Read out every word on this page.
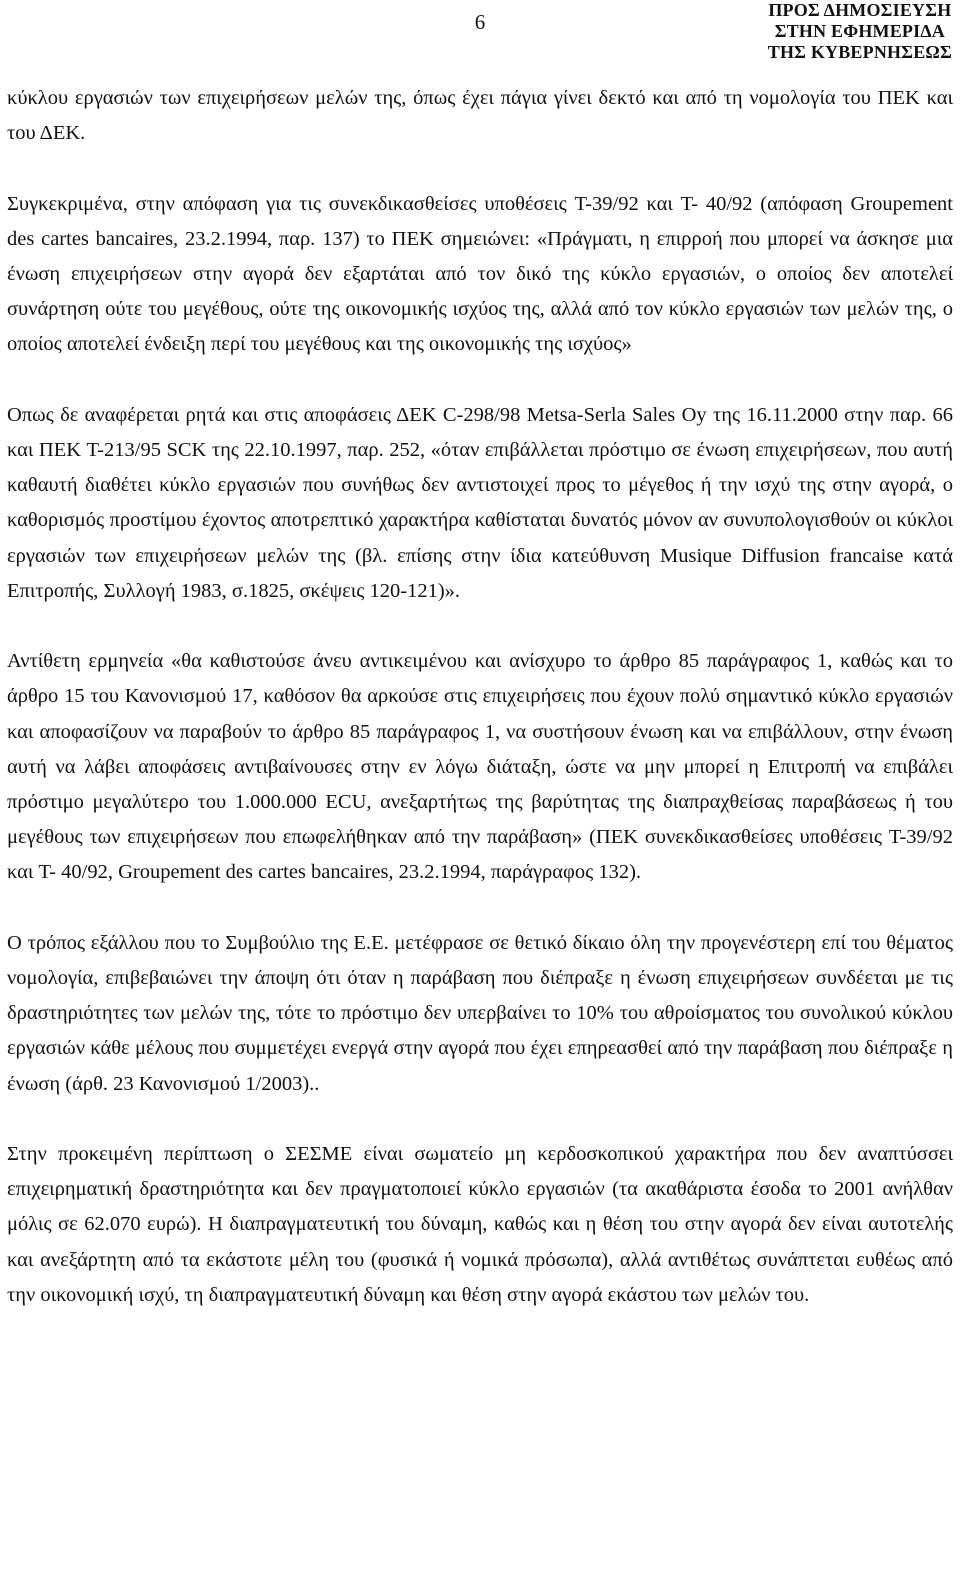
6	ΠΡΟΣ ΔΗΜΟΣΙΕΥΣΗ
ΣΤΗΝ ΕΦΗΜΕΡΙΔΑ
ΤΗΣ ΚΥΒΕΡΝΗΣΕΩΣ

κύκλου εργασιών των επιχειρήσεων μελών της, όπως έχει πάγια γίνει δεκτό και από τη νομολογία του ΠΕΚ και του ΔΕΚ.

Συγκεκριμένα, στην απόφαση για τις συνεκδικασθείσες υποθέσεις T-39/92 και T- 40/92 (απόφαση Groupement des cartes bancaires, 23.2.1994, παρ. 137) το ΠΕΚ σημειώνει: «Πράγματι, η επιρροή που μπορεί να άσκησε μια ένωση επιχειρήσεων στην αγορά δεν εξαρτάται από τον δικό της κύκλο εργασιών, ο οποίος δεν αποτελεί συνάρτηση ούτε του μεγέθους, ούτε της οικονομικής ισχύος της, αλλά από τον κύκλο εργασιών των μελών της, ο οποίος αποτελεί ένδειξη περί του μεγέθους και της οικονομικής της ισχύος»

Οπως δε αναφέρεται ρητά και στις αποφάσεις ΔΕΚ C-298/98 Metsa-Serla Sales Oy της 16.11.2000 στην παρ. 66 και ΠΕΚ T-213/95 SCK της 22.10.1997, παρ. 252, «όταν επιβάλλεται πρόστιμο σε ένωση επιχειρήσεων, που αυτή καθαυτή διαθέτει κύκλο εργασιών που συνήθως δεν αντιστοιχεί προς το μέγεθος ή την ισχύ της στην αγορά, ο καθορισμός προστίμου έχοντος αποτρεπτικό χαρακτήρα καθίσταται δυνατός μόνον αν συνυπολογισθούν οι κύκλοι εργασιών των επιχειρήσεων μελών της (βλ. επίσης στην ίδια κατεύθυνση Musique Diffusion francaise κατά Επιτροπής, Συλλογή 1983, σ.1825, σκέψεις 120-121)».

Αντίθετη ερμηνεία «θα καθιστούσε άνευ αντικειμένου και ανίσχυρο το άρθρο 85 παράγραφος 1, καθώς και το άρθρο 15 του Κανονισμού 17, καθόσον θα αρκούσε στις επιχειρήσεις που έχουν πολύ σημαντικό κύκλο εργασιών και αποφασίζουν να παραβούν το άρθρο 85 παράγραφος 1, να συστήσουν ένωση και να επιβάλλουν, στην ένωση αυτή να λάβει αποφάσεις αντιβαίνουσες στην εν λόγω διάταξη, ώστε να μην μπορεί η Επιτροπή να επιβάλει πρόστιμο μεγαλύτερο του 1.000.000 ECU, ανεξαρτήτως της βαρύτητας της διαπραχθείσας παραβάσεως ή του μεγέθους των επιχειρήσεων που επωφελήθηκαν από την παράβαση» (ΠΕΚ συνεκδικασθείσες υποθέσεις T-39/92 και T- 40/92, Groupement des cartes bancaires, 23.2.1994, παράγραφος 132).

Ο τρόπος εξάλλου που το Συμβούλιο της Ε.Ε. μετέφρασε σε θετικό δίκαιο όλη την προγενέστερη επί του θέματος νομολογία, επιβεβαιώνει την άποψη ότι όταν η παράβαση που διέπραξε η ένωση επιχειρήσεων συνδέεται με τις δραστηριότητες των μελών της, τότε το πρόστιμο δεν υπερβαίνει το 10% του αθροίσματος του συνολικού κύκλου εργασιών κάθε μέλους που συμμετέχει ενεργά στην αγορά που έχει επηρεασθεί από την παράβαση που διέπραξε η ένωση (άρθ. 23 Κανονισμού 1/2003)..

Στην προκειμένη περίπτωση ο ΣΕΣΜΕ είναι σωματείο μη κερδοσκοπικού χαρακτήρα που δεν αναπτύσσει επιχειρηματική δραστηριότητα και δεν πραγματοποιεί κύκλο εργασιών (τα ακαθάριστα έσοδα το 2001 ανήλθαν μόλις σε 62.070 ευρώ). Η διαπραγματευτική του δύναμη, καθώς και η θέση του στην αγορά δεν είναι αυτοτελής και ανεξάρτητη από τα εκάστοτε μέλη του (φυσικά ή νομικά πρόσωπα), αλλά αντιθέτως συνάπτεται ευθέως από την οικονομική ισχύ, τη διαπραγματευτική δύναμη και θέση στην αγορά εκάστου των μελών του.
